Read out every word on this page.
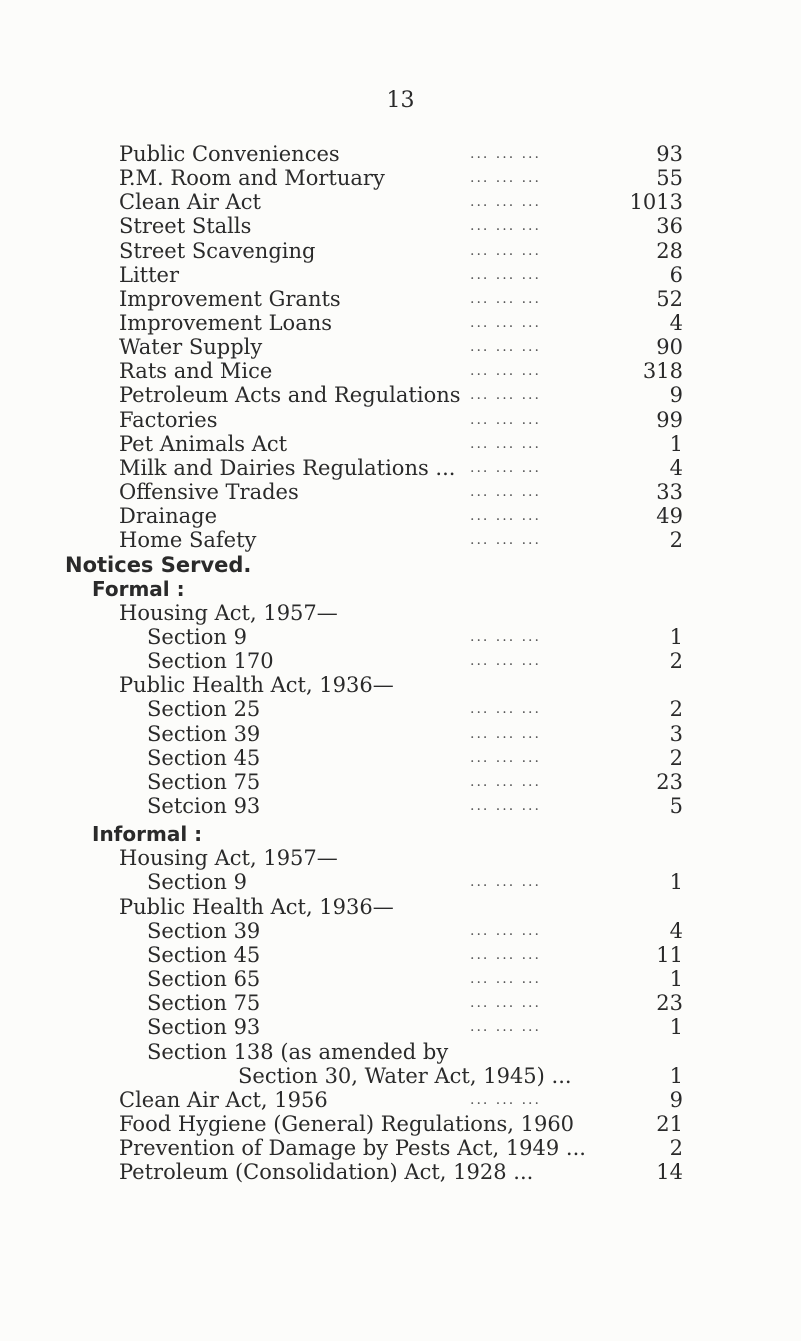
13
Public Conveniences	... ... ...	93
P.M. Room and Mortuary	... ... ...	55
Clean Air Act	... ... ...	1013
Street Stalls	... ... ...	36
Street Scavenging	... ... ...	28
Litter	... ... ...	6
Improvement Grants	... ... ...	52
Improvement Loans	... ... ...	4
Water Supply	... ... ...	90
Rats and Mice	... ... ...	318
Petroleum Acts and Regulations ... ... ...	9
Factories	... ... ...	99
Pet Animals Act	... ... ...	1
Milk and Dairies Regulations ... ... ... ...	4
Offensive Trades	... ... ...	33
Drainage	... ... ...	49
Home Safety	... ... ...	2
Notices Served.
Formal :
Housing Act, 1957—
Section 9	... ... ...	1
Section 170	... ... ...	2
Public Health Act, 1936—
Section 25	... ... ...	2
Section 39	... ... ...	3
Section 45	... ... ...	2
Section 75	... ... ...	23
Setcion 93	... ... ...	5
Informal :
Housing Act, 1957—
Section 9	... ... ...	1
Public Health Act, 1936—
Section 39	... ... ...	4
Section 45	... ... ...	11
Section 65	... ... ...	1
Section 75	... ... ...	23
Section 93	... ... ...	1
Section 138 (as amended by
Section 30, Water Act, 1945) ...	1
Clean Air Act, 1956	... ... ...	9
Food Hygiene (General) Regulations, 1960	21
Prevention of Damage by Pests Act, 1949 ...	2
Petroleum (Consolidation) Act, 1928 ...	14
